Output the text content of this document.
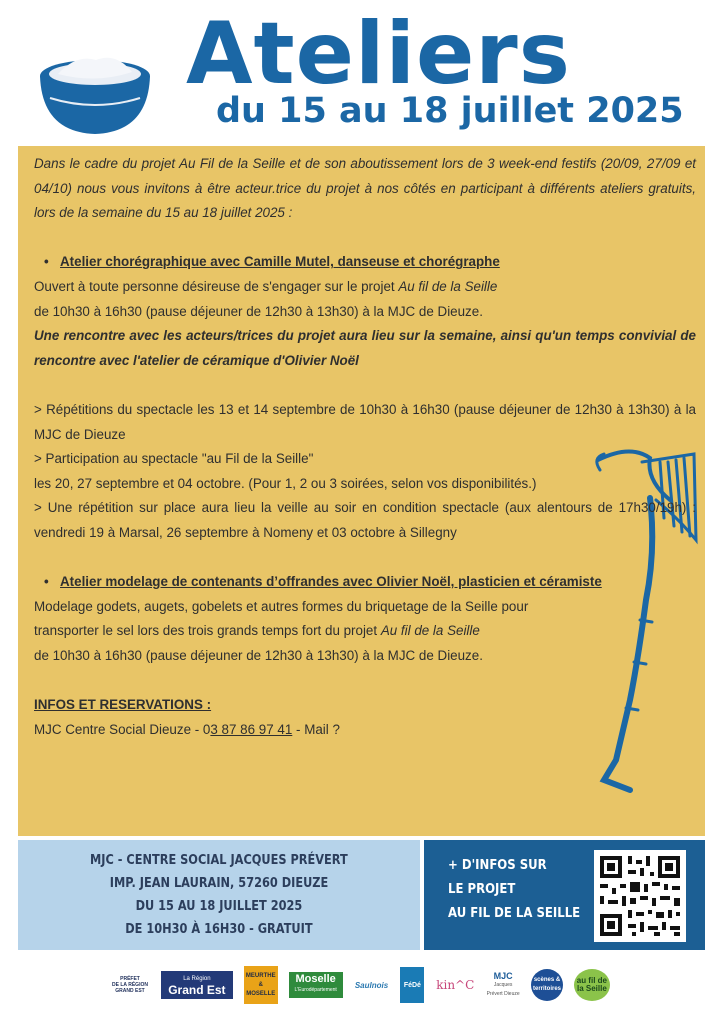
Ateliers
du 15 au 18 juillet 2025

Dans le cadre du projet Au Fil de la Seille et de son aboutissement lors de 3 week-end festifs (20/09, 27/09 et 04/10) nous vous invitons à être acteur.trice du projet à nos côtés en participant à différents ateliers gratuits, lors de la semaine du 15 au 18 juillet 2025 :

• Atelier chorégraphique avec Camille Mutel, danseuse et chorégraphe

Ouvert à toute personne désireuse de s'engager sur le projet Au fil de la Seille

de 10h30 à 16h30 (pause déjeuner de 12h30 à 13h30) à la MJC de Dieuze.

Une rencontre avec les acteurs/trices du projet aura lieu sur la semaine, ainsi qu'un temps convivial de rencontre avec l'atelier de céramique d'Olivier Noël

> Répétitions du spectacle les 13 et 14 septembre de 10h30 à 16h30 (pause déjeuner de 12h30 à 13h30) à la MJC de Dieuze

> Participation au spectacle "au Fil de la Seille"

les 20, 27 septembre et 04 octobre. (Pour 1, 2 ou 3 soirées, selon vos disponibilités.)

> Une répétition sur place aura lieu la veille au soir en condition spectacle (aux alentours de 17h30/19h) : vendredi 19 à Marsal, 26 septembre à Nomeny et 03 octobre à Sillegny

• Atelier modelage de contenants d’offrandes avec Olivier Noël, plasticien et céramiste

Modelage godets, augets, gobelets et autres formes du briquetage de la Seille pour

transporter le sel lors des trois grands temps fort du projet Au fil de la Seille

de 10h30 à 16h30 (pause déjeuner de 12h30 à 13h30) à la MJC de Dieuze.

INFOS ET RESERVATIONS :

MJC Centre Social Dieuze - 03 87 86 97 41 - Mail ?

MJC - CENTRE SOCIAL JACQUES PRÉVERT
IMP. JEAN LAURAIN, 57260 DIEUZE
DU 15 AU 18 JUILLET 2025
DE 10H30 À 16H30 - GRATUIT
+ D'INFOS SUR
LE PROJET
AU FIL DE LA SEILLE
PRÉFET
DE LA RÉGION
GRAND EST
La Région
Grand Est
MEURTHE & MOSELLE
Moselle
L'Eurodépartement
Saulnois	FéDé kin^C
MJC
Jacques Prévert Dieuze
scènes & territoires
au fil de la Seille
